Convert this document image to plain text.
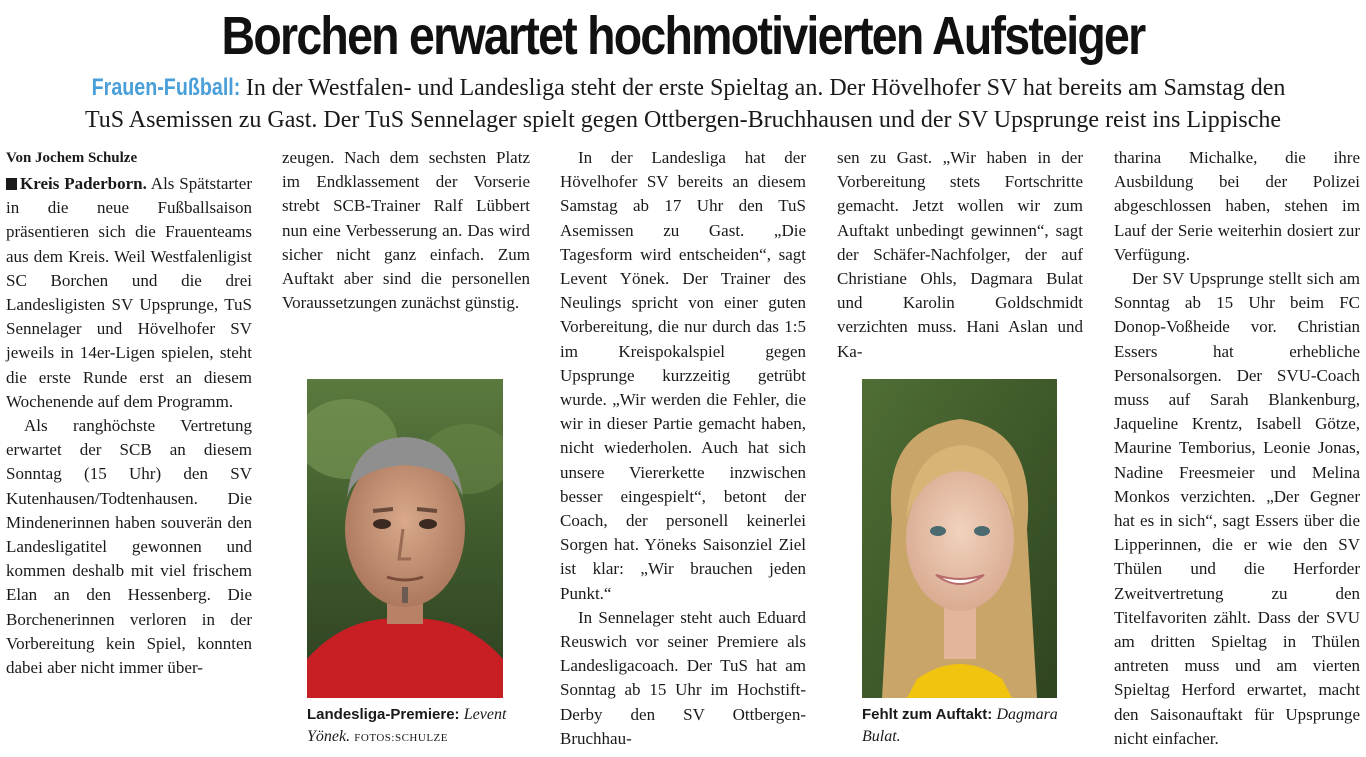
Borchen erwartet hochmotivierten Aufsteiger
Frauen-Fußball: In der Westfalen- und Landesliga steht der erste Spieltag an. Der Hövelhofer SV hat bereits am Samstag den
TuS Asemissen zu Gast. Der TuS Sennelager spielt gegen Ottbergen-Bruchhausen und der SV Upsprunge reist ins Lippische
Von Jochem Schulze

Kreis Paderborn. Als Spätstarter in die neue Fußballsaison präsentieren sich die Frauenteams aus dem Kreis. Weil Westfalenligist SC Borchen und die drei Landesligisten SV Upsprunge, TuS Sennelager und Hövelhofer SV jeweils in 14er-Ligen spielen, steht die erste Runde erst an diesem Wochenende auf dem Programm.

Als ranghöchste Vertretung erwartet der SCB an diesem Sonntag (15 Uhr) den SV Kutenhausen/Todtenhausen. Die Mindenerinnen haben souverän den Landesligatitel gewonnen und kommen deshalb mit viel frischem Elan an den Hessenberg. Die Borchenerinnen verloren in der Vorbereitung kein Spiel, konnten dabei aber nicht immer über-

zeugen. Nach dem sechsten Platz im Endklassement der Vorserie strebt SCB-Trainer Ralf Lübbert nun eine Verbesserung an. Das wird sicher nicht ganz einfach. Zum Auftakt aber sind die personellen Voraussetzungen zunächst günstig.

Landesliga-Premiere: Levent Yönek. FOTOS:SCHULZE

In der Landesliga hat der Hövelhofer SV bereits an diesem Samstag ab 17 Uhr den TuS Asemissen zu Gast. „Die Tagesform wird entscheiden“, sagt Levent Yönek. Der Trainer des Neulings spricht von einer guten Vorbereitung, die nur durch das 1:5 im Kreispokalspiel gegen Upsprunge kurzzeitig getrübt wurde. „Wir werden die Fehler, die wir in dieser Partie gemacht haben, nicht wiederholen. Auch hat sich unsere Viererkette inzwischen besser eingespielt“, betont der Coach, der personell keinerlei Sorgen hat. Yöneks Saisonziel Ziel ist klar: „Wir brauchen jeden Punkt.“

In Sennelager steht auch Eduard Reuswich vor seiner Premiere als Landesligacoach. Der TuS hat am Sonntag ab 15 Uhr im Hochstift-Derby den SV Ottbergen-Bruchhau-

sen zu Gast. „Wir haben in der Vorbereitung stets Fortschritte gemacht. Jetzt wollen wir zum Auftakt unbedingt gewinnen“, sagt der Schäfer-Nachfolger, der auf Christiane Ohls, Dagmara Bulat und Karolin Goldschmidt verzichten muss. Hani Aslan und Ka-

Fehlt zum Auftakt: Dagmara Bulat.

tharina Michalke, die ihre Ausbildung bei der Polizei abgeschlossen haben, stehen im Lauf der Serie weiterhin dosiert zur Verfügung.

Der SV Upsprunge stellt sich am Sonntag ab 15 Uhr beim FC Donop-Voßheide vor. Christian Essers hat erhebliche Personalsorgen. Der SVU-Coach muss auf Sarah Blankenburg, Jaqueline Krentz, Isabell Götze, Maurine Temborius, Leonie Jonas, Nadine Freesmeier und Melina Monkos verzichten. „Der Gegner hat es in sich“, sagt Essers über die Lipperinnen, die er wie den SV Thülen und die Herforder Zweitvertretung zu den Titelfavoriten zählt. Dass der SVU am dritten Spieltag in Thülen antreten muss und am vierten Spieltag Herford erwartet, macht den Saisonauftakt für Upsprunge nicht einfacher.
